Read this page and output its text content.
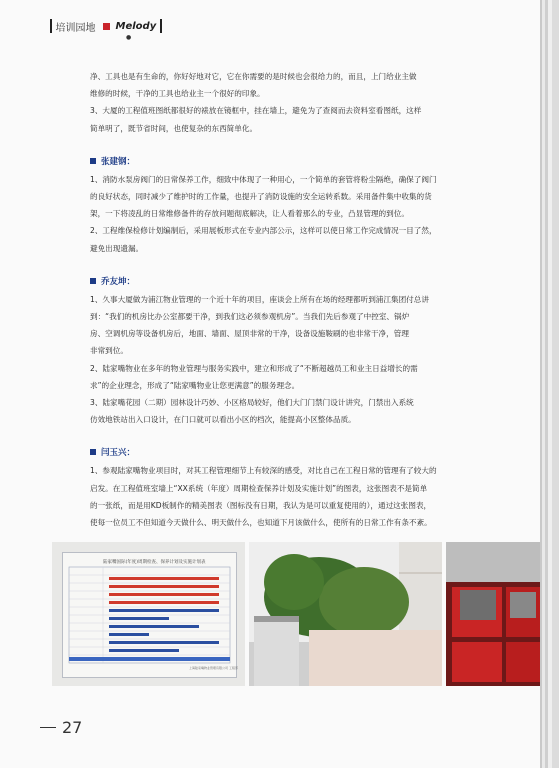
培训园地 Melody
●

净、工具也是有生命的，你好好地对它，它在你需要的是时候也会很给力的，而且，上门给业主做

维修的时候，干净的工具也给业主一个很好的印象。

3、大厦的工程值班图纸都很好的裱放在镜框中，挂在墙上，避免为了查阅而去资料室看图纸，这样

简单明了，既节省时间，也使复杂的东西简单化。

张建钢：

1、消防水泵房阀门的日常保养工作，细致中体现了一种用心，一个简单的套管将粉尘隔绝，确保了阀门

的良好状态，同时减少了维护时的工作量，也提升了消防设施的安全运转系数。采用备件集中收集的货

架，一下将凌乱的日常维修备件的存放问题彻底解决，让人看着那么的专业，凸显管理的到位。

2、工程维保检修计划编制后，采用展板形式在专业内部公示，这样可以使日常工作完成情况一目了然，

避免出现遗漏。

乔友坤：

1、久事大厦做为浦江物业管理的一个近十年的项目，座谈会上所有在场的经理都听到浦江集团付总讲

到：“我们的机房比办公室都要干净，到我们这必须参观机房”。当我们先后参观了中控室、锅炉

房、空调机房等设备机房后，地面、墙面、屋顶非常的干净，设备设施鞍刷的也非常干净，管理

非常到位。

2、陆家嘴物业在多年的物业管理与服务实践中，建立和形成了“不断超越员工和业主日益增长的需

求”的企业理念，形成了“陆家嘴物业让您更满意”的服务理念。

3、陆家嘴花园（二期）园林设计巧妙、小区格局较好，他们大门门禁门设计讲究，门禁出入系统

仿效地铁站出入口设计，在门口就可以看出小区的档次，能提高小区整体品质。

闫玉兴：

1、参观陆家嘴物业项目时，对其工程管理细节上有较深的感受，对比自己在工程日常的管理有了较大的

启发。在工程值班室墙上“XX系统（年度）周期检查保养计划及实施计划”的图表，这张图表不是简单

的一张纸，而是用KD板制作的精美图表（图标没有日期，我认为是可以重复使用的），通过这张图表，

使每一位员工不但知道今天做什么、明天做什么，也知道下月该做什么，使所有的日常工作有条不紊。

陆家嘴国际(年度)周期检查、保养计划及实施计划表
上海陆家嘴物业管理有限公司 工程部
27
